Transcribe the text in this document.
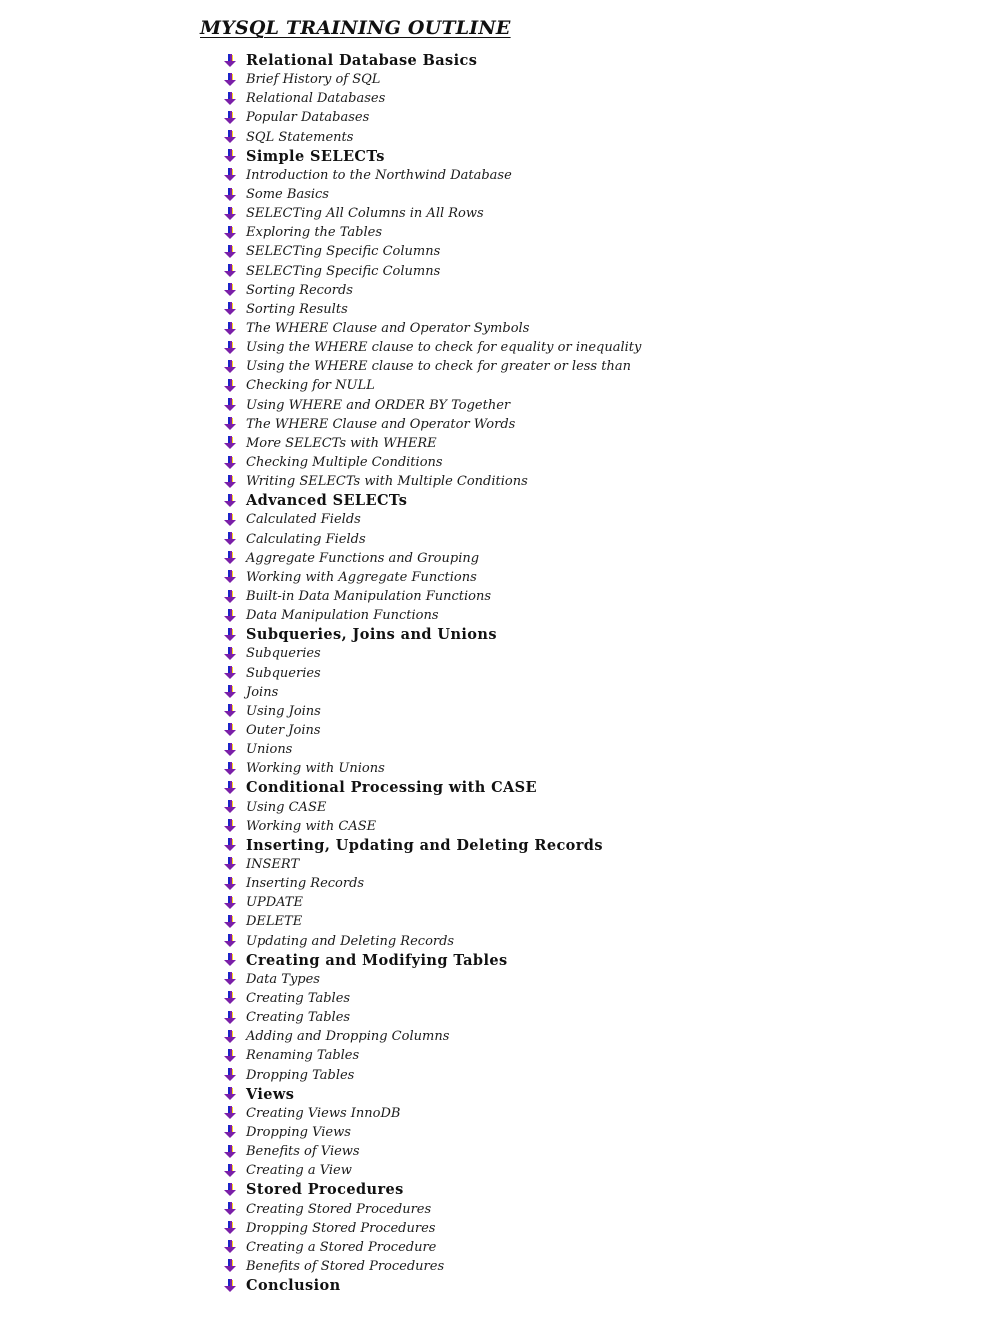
MYSQL TRAINING OUTLINE
Relational Database Basics
Brief History of SQL
Relational Databases
Popular Databases
SQL Statements
Simple SELECTs
Introduction to the Northwind Database
Some Basics
SELECTing All Columns in All Rows
Exploring the Tables
SELECTing Specific Columns
SELECTing Specific Columns
Sorting Records
Sorting Results
The WHERE Clause and Operator Symbols
Using the WHERE clause to check for equality or inequality
Using the WHERE clause to check for greater or less than
Checking for NULL
Using WHERE and ORDER BY Together
The WHERE Clause and Operator Words
More SELECTs with WHERE
Checking Multiple Conditions
Writing SELECTs with Multiple Conditions
Advanced SELECTs
Calculated Fields
Calculating Fields
Aggregate Functions and Grouping
Working with Aggregate Functions
Built-in Data Manipulation Functions
Data Manipulation Functions
Subqueries, Joins and Unions
Subqueries
Subqueries
Joins
Using Joins
Outer Joins
Unions
Working with Unions
Conditional Processing with CASE
Using CASE
Working with CASE
Inserting, Updating and Deleting Records
INSERT
Inserting Records
UPDATE
DELETE
Updating and Deleting Records
Creating and Modifying Tables
Data Types
Creating Tables
Creating Tables
Adding and Dropping Columns
Renaming Tables
Dropping Tables
Views
Creating Views InnoDB
Dropping Views
Benefits of Views
Creating a View
Stored Procedures
Creating Stored Procedures
Dropping Stored Procedures
Creating a Stored Procedure
Benefits of Stored Procedures
Conclusion
